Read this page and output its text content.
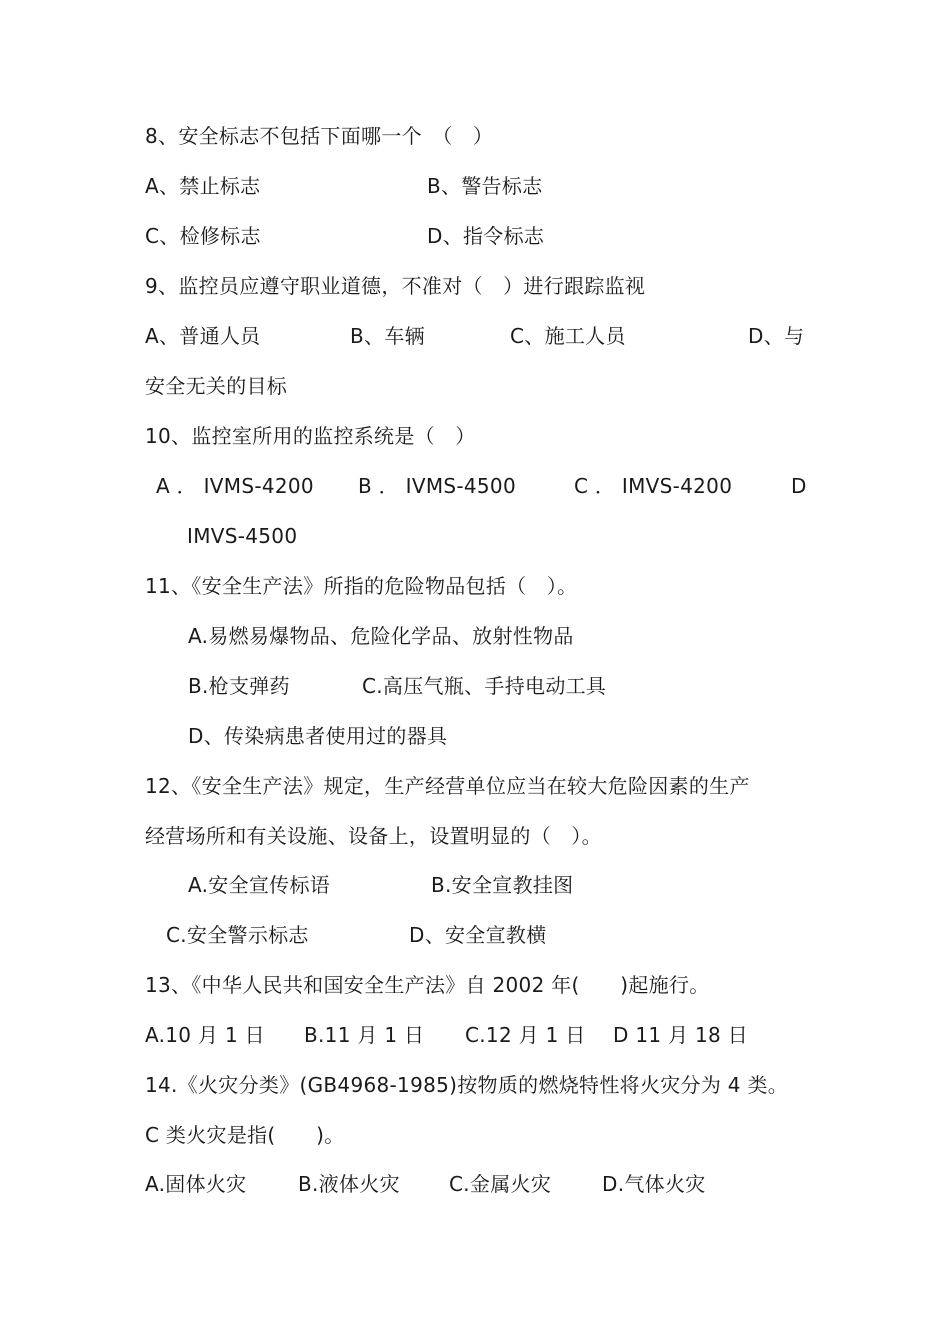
8、安全标志不包括下面哪一个　（　）
A、禁止标志	B、警告标志
C、检修标志	D、指令标志
9、监控员应遵守职业道德，不准对（　）进行跟踪监视
A、普通人员	B、车辆	C、施工人员	D、与
安全无关的目标
10、监控室所用的监控系统是（　）
A ． IVMS-4200 B ． IVMS-4500	C ． IMVS-4200	D
IMVS-4500
11、《安全生产法》所指的危险物品包括（　）。
A.易燃易爆物品、危险化学品、放射性物品
B.枪支弹药	C.高压气瓶、手持电动工具
D、传染病患者使用过的器具
12、《安全生产法》规定，生产经营单位应当在较大危险因素的生产
经营场所和有关设施、设备上，设置明显的（　）。
A.安全宣传标语	B.安全宣教挂图
C.安全警示标志	D、安全宣教横
13、《中华人民共和国安全生产法》自 2002 年(　　)起施行。
A.10 月 1 日 B.11 月 1 日 C.12 月 1 日 D 11 月 18 日
14.《火灾分类》(GB4968-1985)按物质的燃烧特性将火灾分为 4 类。
C 类火灾是指(　　)。
A.固体火灾	B.液体火灾 C.金属火灾	D.气体火灾
